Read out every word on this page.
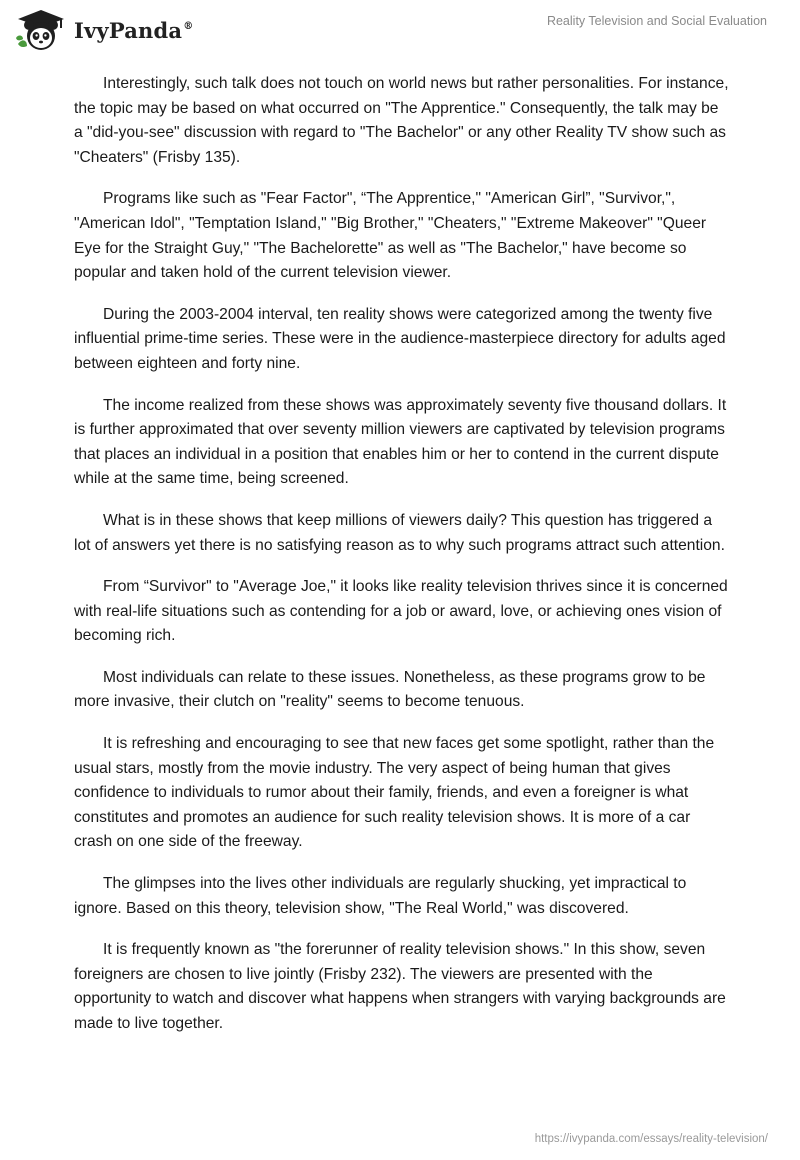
IvyPanda®	Reality Television and Social Evaluation

Interestingly, such talk does not touch on world news but rather personalities. For instance, the topic may be based on what occurred on "The Apprentice." Consequently, the talk may be a "did-you-see" discussion with regard to "The Bachelor" or any other Reality TV show such as "Cheaters" (Frisby 135).

Programs like such as "Fear Factor", “The Apprentice," "American Girl”, "Survivor,", "American Idol", "Temptation Island," "Big Brother," "Cheaters," "Extreme Makeover" "Queer Eye for the Straight Guy," "The Bachelorette" as well as "The Bachelor," have become so popular and taken hold of the current television viewer.

During the 2003-2004 interval, ten reality shows were categorized among the twenty five influential prime-time series. These were in the audience-masterpiece directory for adults aged between eighteen and forty nine.

The income realized from these shows was approximately seventy five thousand dollars. It is further approximated that over seventy million viewers are captivated by television programs that places an individual in a position that enables him or her to contend in the current dispute while at the same time, being screened.

What is in these shows that keep millions of viewers daily? This question has triggered a lot of answers yet there is no satisfying reason as to why such programs attract such attention.

From “Survivor" to "Average Joe," it looks like reality television thrives since it is concerned with real-life situations such as contending for a job or award, love, or achieving ones vision of becoming rich.

Most individuals can relate to these issues. Nonetheless, as these programs grow to be more invasive, their clutch on "reality" seems to become tenuous.

It is refreshing and encouraging to see that new faces get some spotlight, rather than the usual stars, mostly from the movie industry. The very aspect of being human that gives confidence to individuals to rumor about their family, friends, and even a foreigner is what constitutes and promotes an audience for such reality television shows. It is more of a car crash on one side of the freeway.

The glimpses into the lives other individuals are regularly shucking, yet impractical to ignore. Based on this theory, television show, "The Real World," was discovered.

It is frequently known as "the forerunner of reality television shows." In this show, seven foreigners are chosen to live jointly (Frisby 232). The viewers are presented with the opportunity to watch and discover what happens when strangers with varying backgrounds are made to live together.

https://ivypanda.com/essays/reality-television/
